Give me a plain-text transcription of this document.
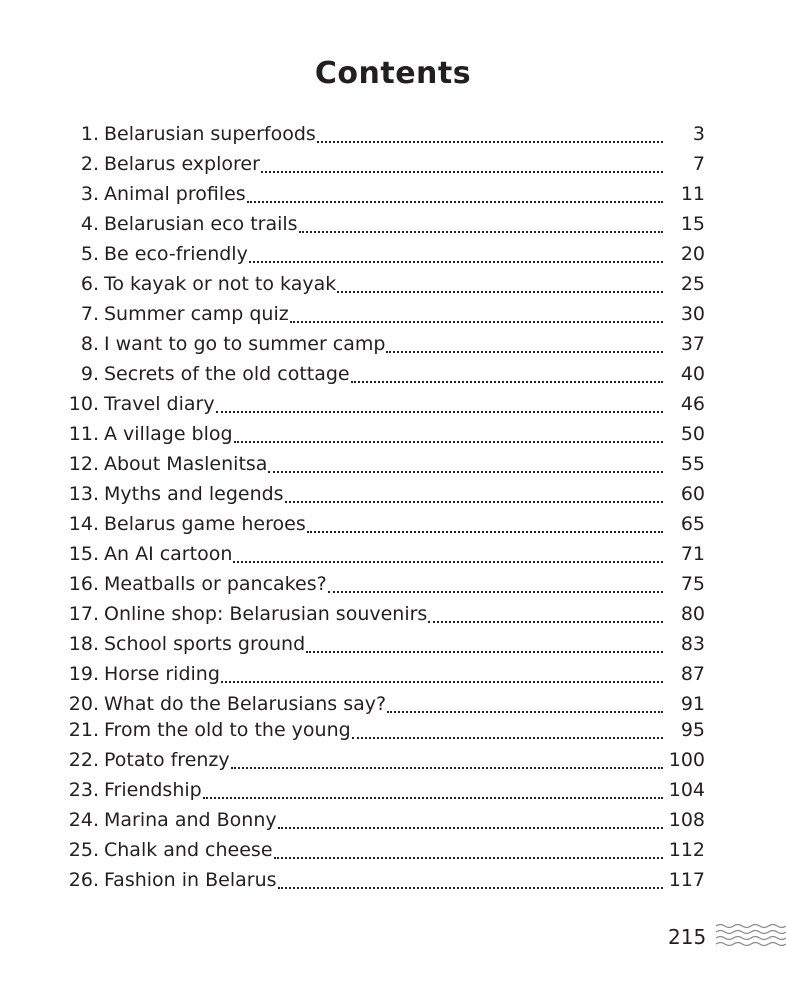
Contents
1. Belarusian superfoods	3
2. Belarus explorer	7
3. Animal profiles	11
4. Belarusian eco trails	15
5. Be eco-friendly	20
6. To kayak or not to kayak	25
7. Summer camp quiz	30
8. I want to go to summer camp	37
9. Secrets of the old cottage	40
10. Travel diary	46
11. A village blog	50
12. About Maslenitsa	55
13. Myths and legends	60
14. Belarus game heroes	65
15. An AI cartoon	71
16. Meatballs or pancakes?	75
17. Online shop: Belarusian souvenirs	80
18. School sports ground	83
19. Horse riding	87
20. What do the Belarusians say?	91
21. From the old to the young	95
22. Potato frenzy	100
23. Friendship	104
24. Marina and Bonny	108
25. Chalk and cheese	112
26. Fashion in Belarus	117
215
